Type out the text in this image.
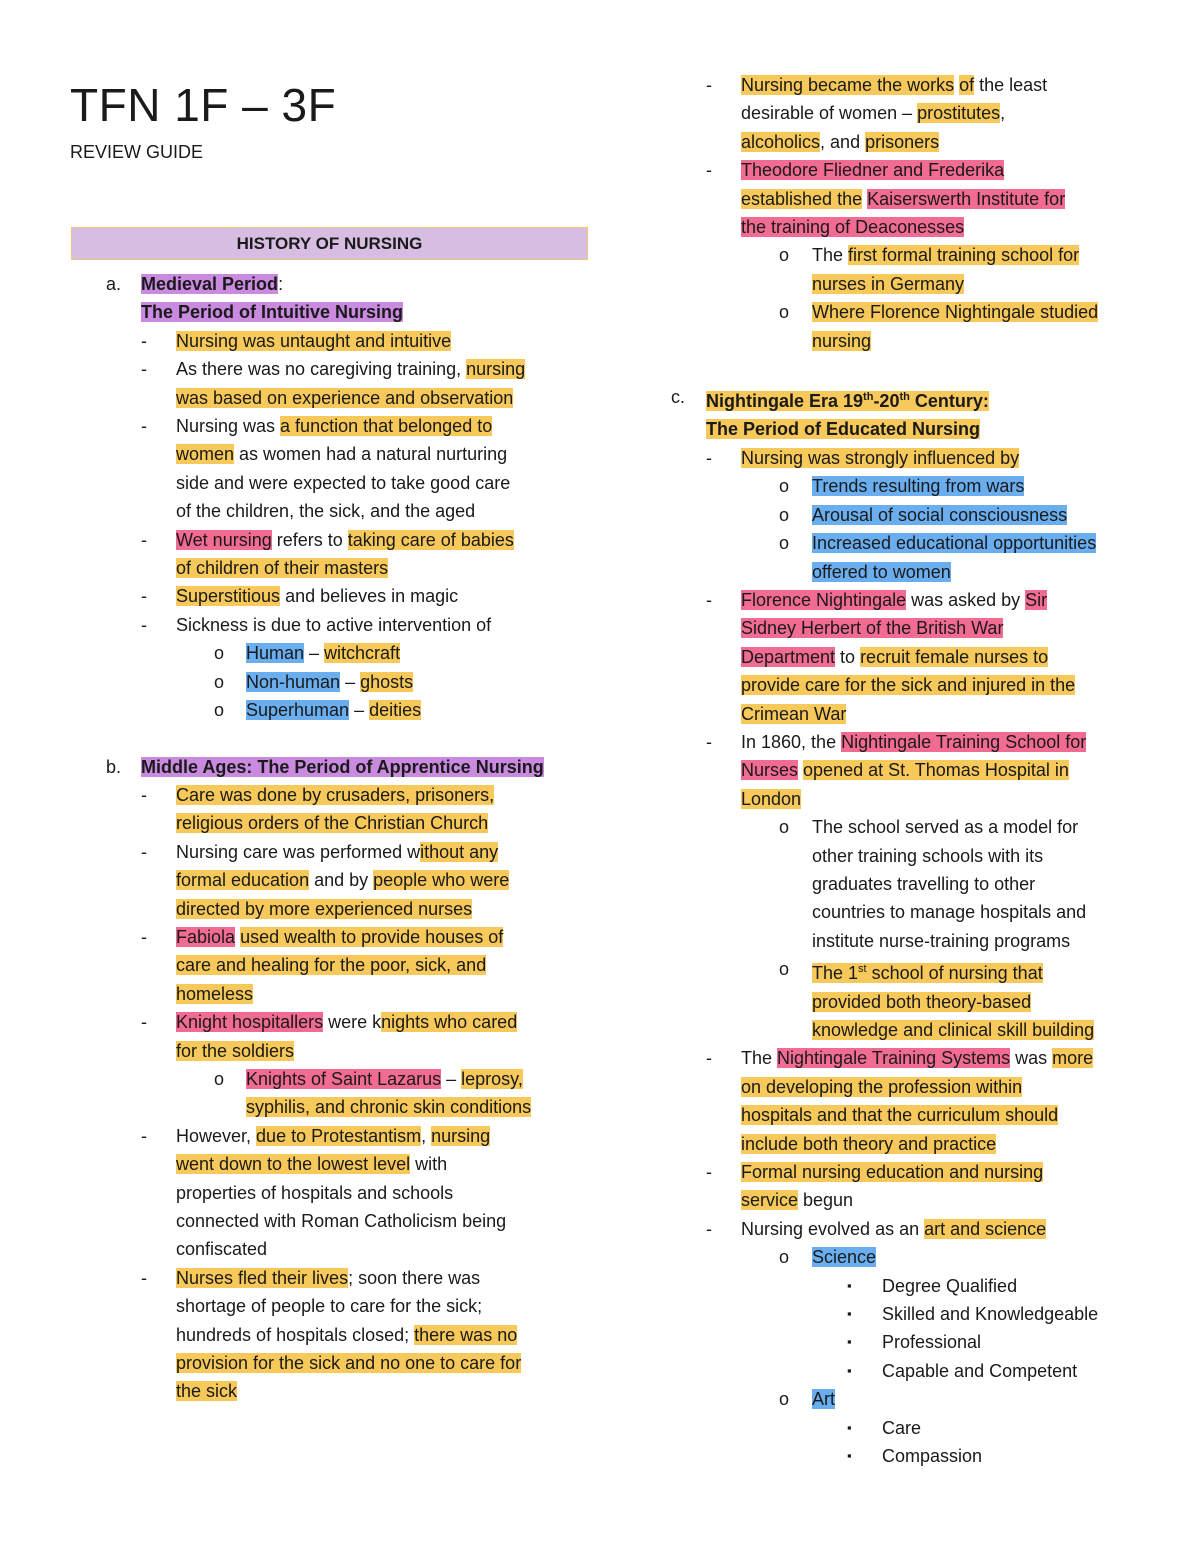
TFN 1F – 3F
REVIEW GUIDE
HISTORY OF NURSING

a. Medieval Period:

The Period of Intuitive Nursing

- Nursing was untaught and intuitive

- As there was no caregiving training, nursing
was based on experience and observation

- Nursing was a function that belonged to
women as women had a natural nurturing
side and were expected to take good care
of the children, the sick, and the aged

- Wet nursing refers to taking care of babies
of children of their masters

- Superstitious and believes in magic

- Sickness is due to active intervention of

o Human – witchcraft

o Non-human – ghosts

o Superhuman – deities

b. Middle Ages: The Period of Apprentice Nursing

- Care was done by crusaders, prisoners,
religious orders of the Christian Church

- Nursing care was performed without any
formal education and by people who were
directed by more experienced nurses

- Fabiola used wealth to provide houses of
care and healing for the poor, sick, and
homeless

- Knight hospitallers were knights who cared
for the soldiers

o Knights of Saint Lazarus – leprosy,
syphilis, and chronic skin conditions

- However, due to Protestantism, nursing
went down to the lowest level with
properties of hospitals and schools
connected with Roman Catholicism being
confiscated

- Nurses fled their lives; soon there was
shortage of people to care for the sick;
hundreds of hospitals closed; there was no
provision for the sick and no one to care for
the sick

- Nursing became the works of the least
desirable of women – prostitutes,
alcoholics, and prisoners

- Theodore Fliedner and Frederika
established the Kaiserswerth Institute for
the training of Deaconesses

o The first formal training school for
nurses in Germany

o Where Florence Nightingale studied
nursing

c. Nightingale Era 19th-20th Century:

The Period of Educated Nursing

- Nursing was strongly influenced by

o Trends resulting from wars

o Arousal of social consciousness

o Increased educational opportunities
offered to women

- Florence Nightingale was asked by Sir
Sidney Herbert of the British War
Department to recruit female nurses to
provide care for the sick and injured in the
Crimean War

- In 1860, the Nightingale Training School for
Nurses opened at St. Thomas Hospital in
London

o The school served as a model for
other training schools with its
graduates travelling to other
countries to manage hospitals and
institute nurse-training programs

o The 1st school of nursing that
provided both theory-based
knowledge and clinical skill building

- The Nightingale Training Systems was more
on developing the profession within
hospitals and that the curriculum should
include both theory and practice

- Formal nursing education and nursing
service begun

- Nursing evolved as an art and science

o Science

▪ Degree Qualified

▪ Skilled and Knowledgeable

▪ Professional

▪ Capable and Competent

o Art

▪ Care

▪ Compassion
